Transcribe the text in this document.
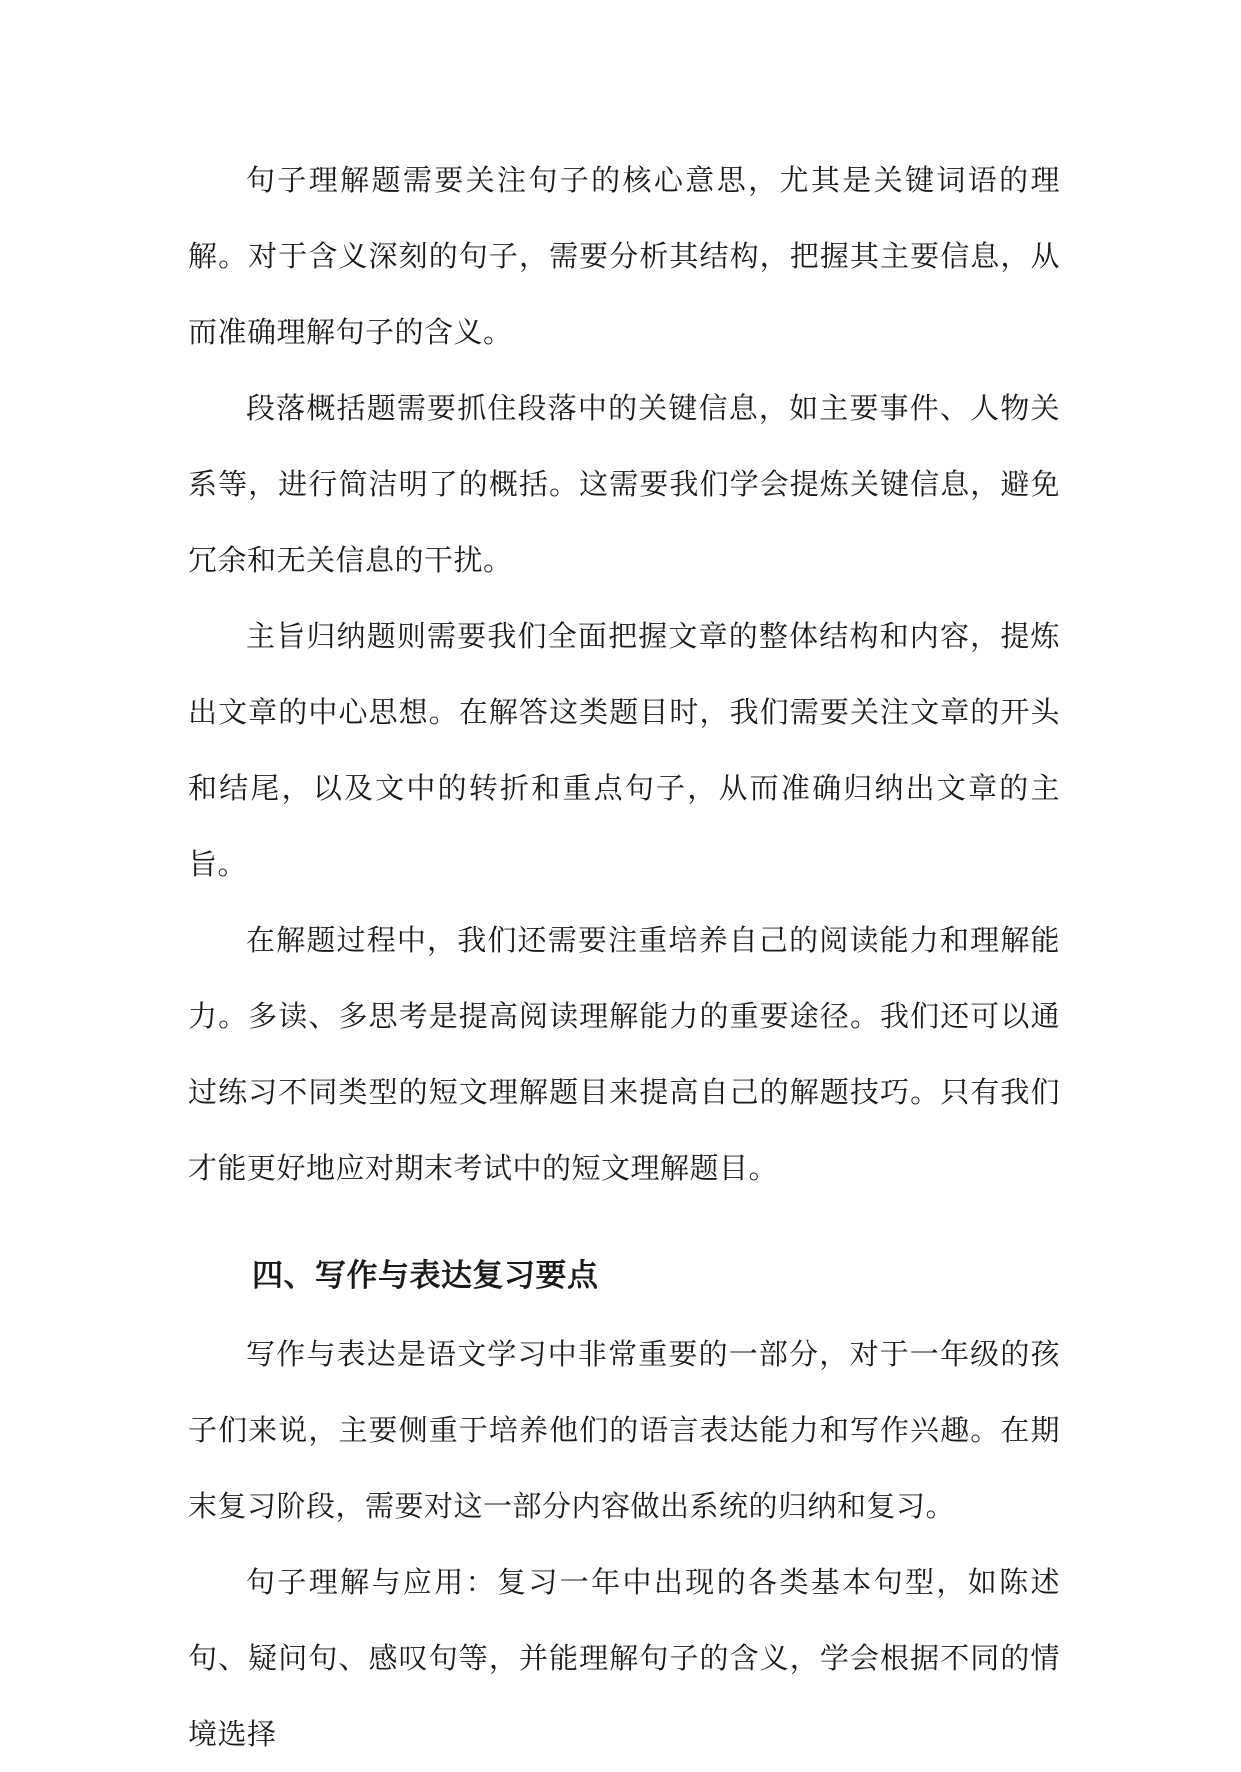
句子理解题需要关注句子的核心意思，尤其是关键词语的理解。对于含义深刻的句子，需要分析其结构，把握其主要信息，从而准确理解句子的含义。

段落概括题需要抓住段落中的关键信息，如主要事件、人物关系等，进行简洁明了的概括。这需要我们学会提炼关键信息，避免冗余和无关信息的干扰。

主旨归纳题则需要我们全面把握文章的整体结构和内容，提炼出文章的中心思想。在解答这类题目时，我们需要关注文章的开头和结尾，以及文中的转折和重点句子，从而准确归纳出文章的主旨。

在解题过程中，我们还需要注重培养自己的阅读能力和理解能力。多读、多思考是提高阅读理解能力的重要途径。我们还可以通过练习不同类型的短文理解题目来提高自己的解题技巧。只有我们才能更好地应对期末考试中的短文理解题目。

四、写作与表达复习要点

写作与表达是语文学习中非常重要的一部分，对于一年级的孩子们来说，主要侧重于培养他们的语言表达能力和写作兴趣。在期末复习阶段，需要对这一部分内容做出系统的归纳和复习。

句子理解与应用：复习一年中出现的各类基本句型，如陈述句、疑问句、感叹句等，并能理解句子的含义，学会根据不同的情境选择
